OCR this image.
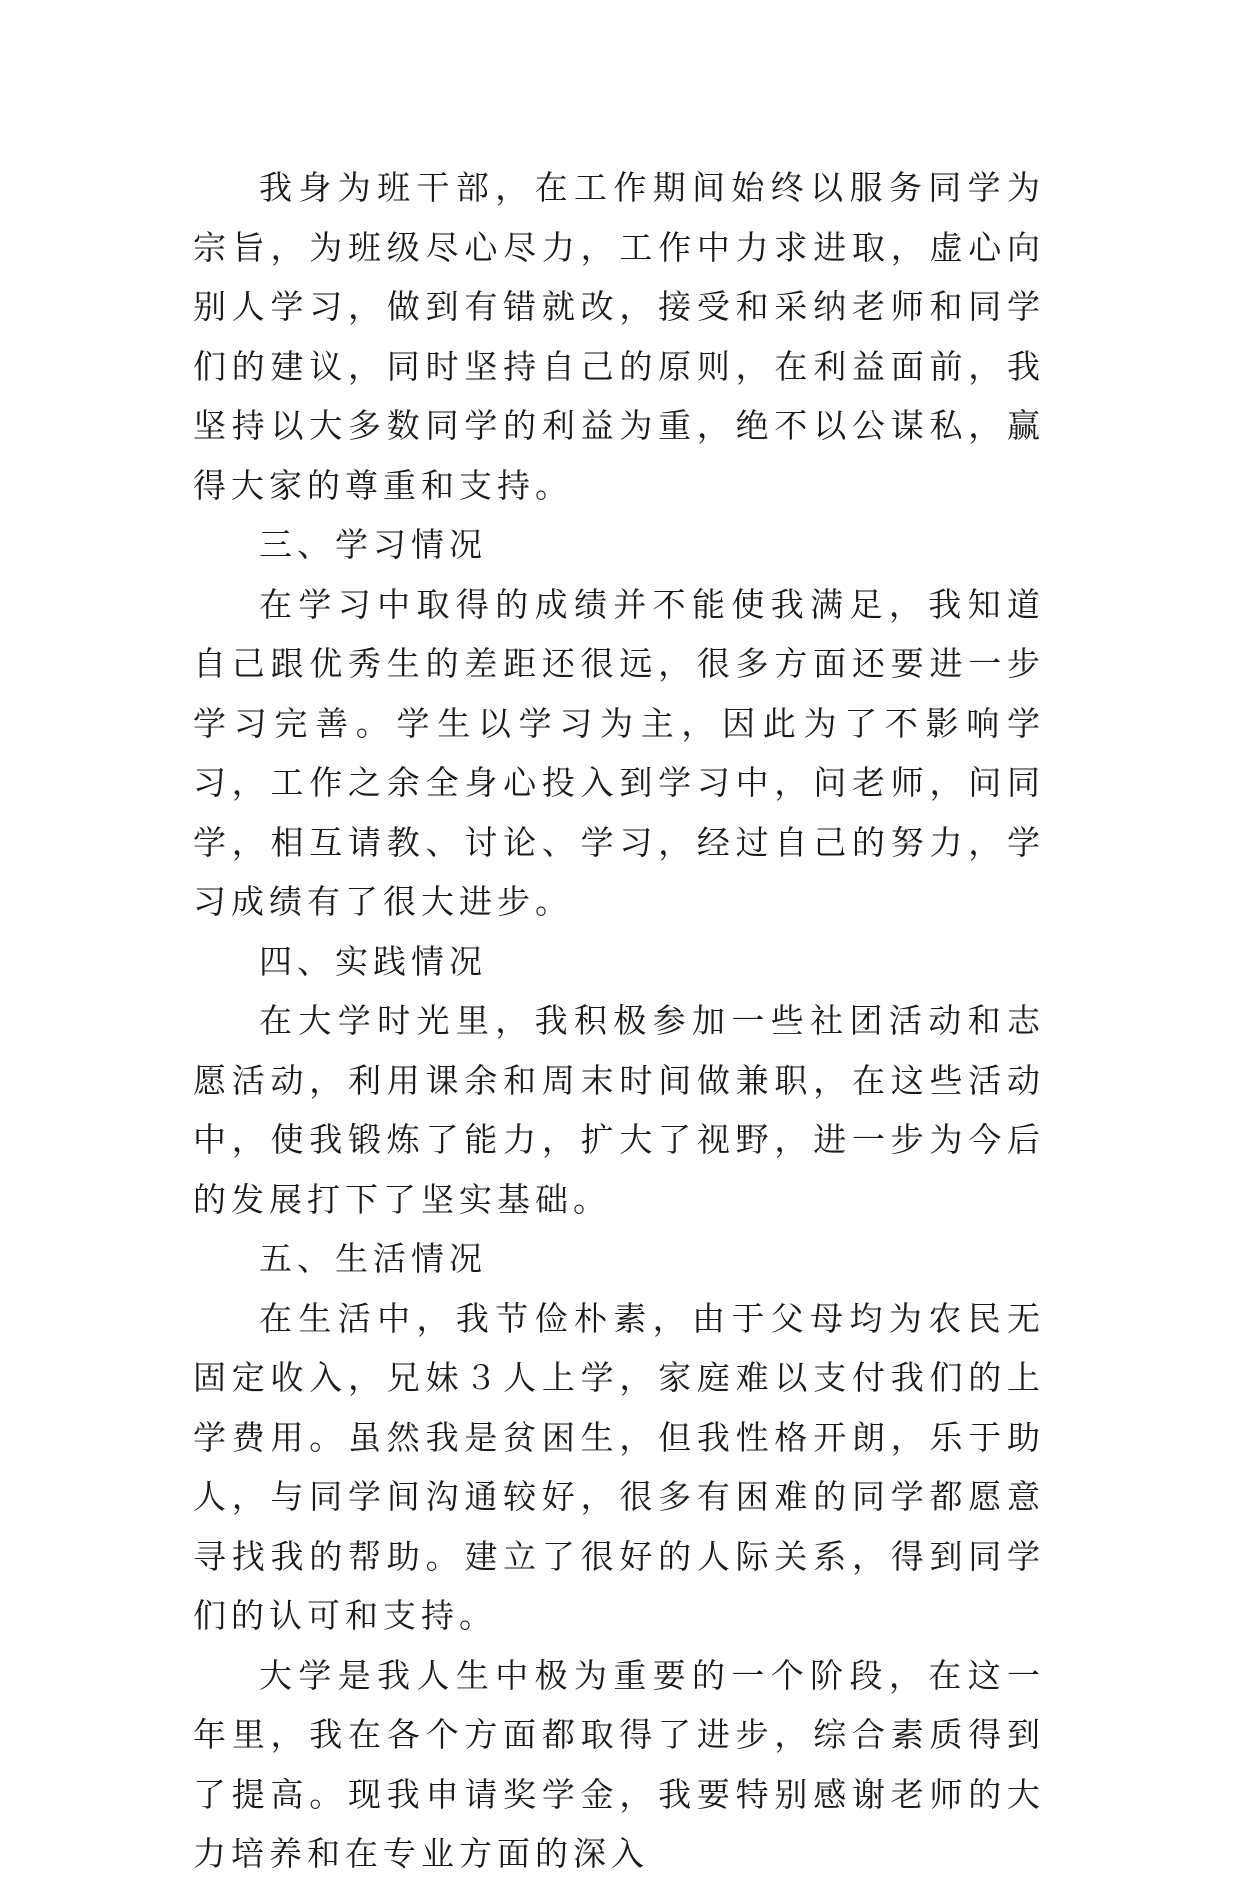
我身为班干部，在工作期间始终以服务同学为宗旨，为班级尽心尽力，工作中力求进取，虚心向别人学习，做到有错就改，接受和采纳老师和同学们的建议，同时坚持自己的原则，在利益面前，我坚持以大多数同学的利益为重，绝不以公谋私，赢得大家的尊重和支持。

三、学习情况

在学习中取得的成绩并不能使我满足，我知道自己跟优秀生的差距还很远，很多方面还要进一步学习完善。学生以学习为主，因此为了不影响学习，工作之余全身心投入到学习中，问老师，问同学，相互请教、讨论、学习，经过自己的努力，学习成绩有了很大进步。

四、实践情况

在大学时光里，我积极参加一些社团活动和志愿活动，利用课余和周末时间做兼职，在这些活动中，使我锻炼了能力，扩大了视野，进一步为今后的发展打下了坚实基础。

五、生活情况

在生活中，我节俭朴素，由于父母均为农民无固定收入，兄妹３人上学，家庭难以支付我们的上学费用。虽然我是贫困生，但我性格开朗，乐于助人，与同学间沟通较好，很多有困难的同学都愿意寻找我的帮助。建立了很好的人际关系，得到同学们的认可和支持。

大学是我人生中极为重要的一个阶段，在这一年里，我在各个方面都取得了进步，综合素质得到了提高。现我申请奖学金，我要特别感谢老师的大力培养和在专业方面的深入
